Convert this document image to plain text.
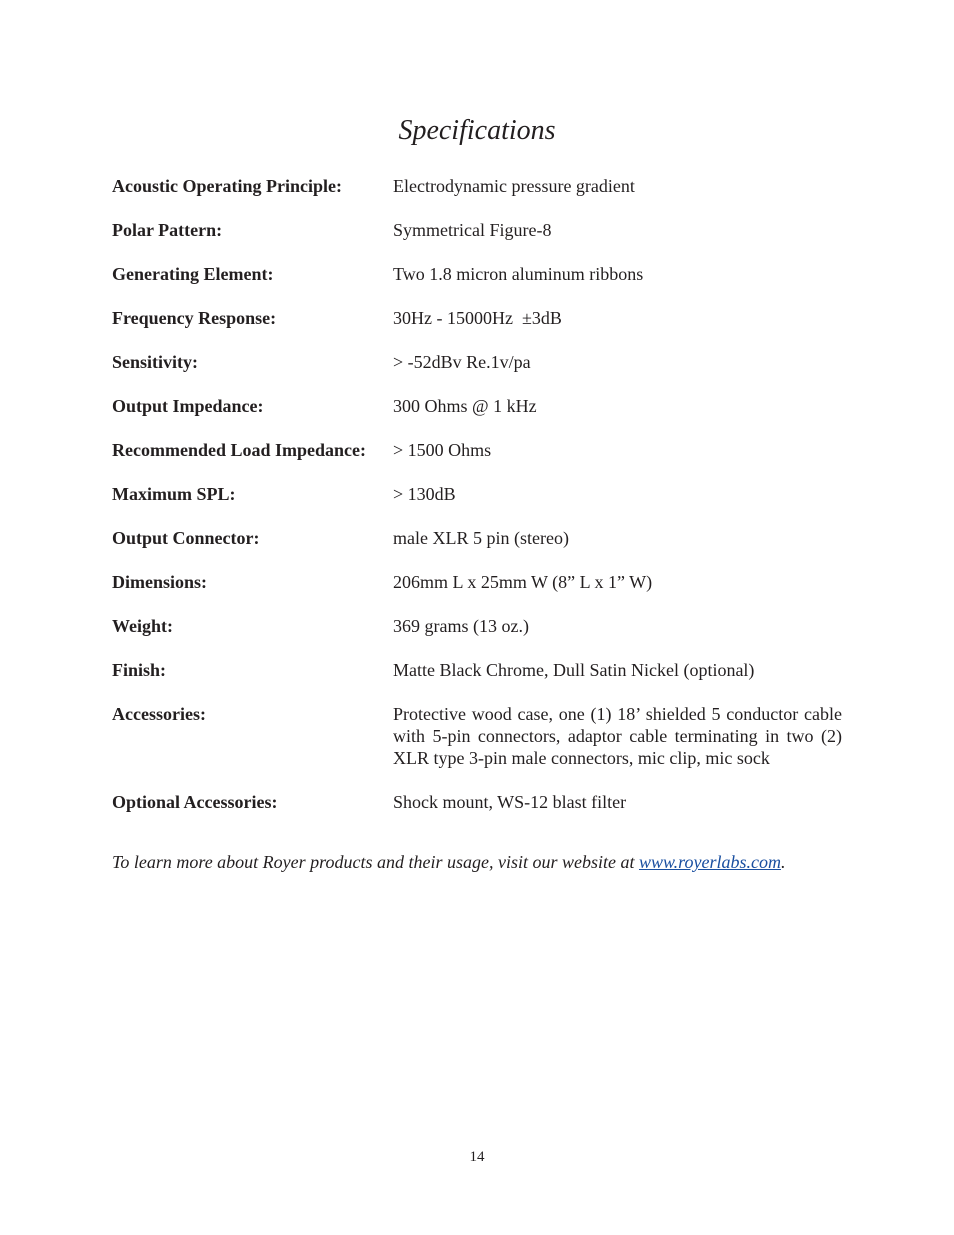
Specifications
Acoustic Operating Principle:	Electrodynamic pressure gradient
Polar Pattern:	Symmetrical Figure-8
Generating Element:	Two 1.8 micron aluminum ribbons
Frequency Response:	30Hz - 15000Hz  ±3dB
Sensitivity:	> -52dBv Re.1v/pa
Output Impedance:	300 Ohms @ 1 kHz
Recommended Load Impedance:	> 1500 Ohms
Maximum SPL:	> 130dB
Output Connector:	male XLR 5 pin (stereo)
Dimensions:	206mm L x 25mm W (8” L x 1” W)
Weight:	369 grams (13 oz.)
Finish:	Matte Black Chrome, Dull Satin Nickel (optional)
Accessories:	Protective wood case, one (1) 18’ shielded 5 conductor cable with 5-pin connectors, adaptor cable terminating in two (2) XLR type 3-pin male connectors, mic clip, mic sock
Optional Accessories:	Shock mount, WS-12 blast filter
To learn more about Royer products and their usage, visit our website at www.royerlabs.com.
14
